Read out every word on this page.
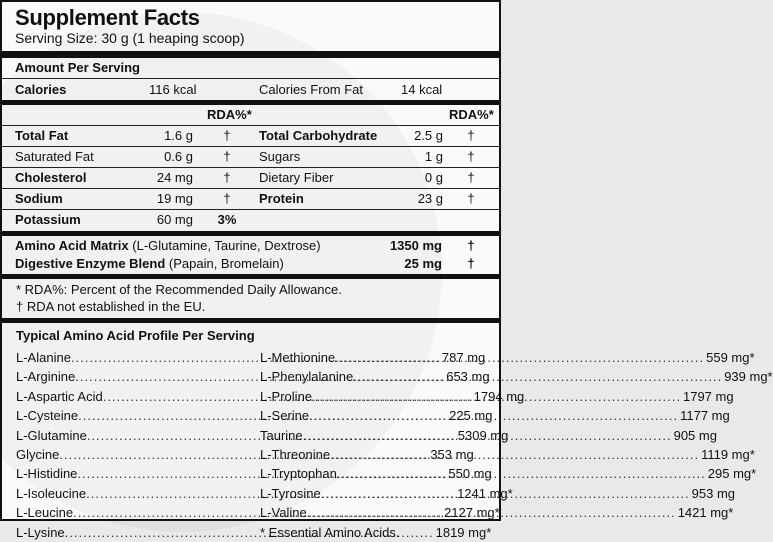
Supplement Facts
Serving Size: 30 g (1 heaping scoop)
Amount Per Serving
Calories	116 kcal	Calories From Fat	14 kcal
RDA%*	RDA%*
Total Fat	1.6 g	†	Total Carbohydrate	2.5 g †
Saturated Fat	0.6 g	†	Sugars	1 g †
Cholesterol	24 mg	†	Dietary Fiber	0 g †
Sodium	19 mg	†	Protein	23 g †
Potassium	60 mg 3%
Amino Acid Matrix (L-Glutamine, Taurine, Dextrose)	1350 mg †
Digestive Enzyme Blend (Papain, Bromelain)	25 mg †
* RDA%: Percent of the Recommended Daily Allowance.
† RDA not established in the EU.
Typical Amino Acid Profile Per Serving
L-Alanine .....	787 mg
L-Arginine .....	653 mg
L-Aspartic Acid .....	1794 mg
L-Cysteine .....	225 mg
L-Glutamine .....	5309 mg
Glycine .....	353 mg
L-Histidine .....	550 mg
L-Isoleucine .....	1241 mg*
L-Leucine .....	2127 mg*
L-Lysine .....	1819 mg*
L-Methionine .....	559 mg*
L-Phenylalanine .....	939 mg*
L-Proline .....	1797 mg
L-Serine .....	1177 mg
Taurine .....	905 mg
L-Threonine .....	1119 mg*
L-Tryptophan .....	295 mg*
L-Tyrosine .....	953 mg
L-Valine .....	1421 mg*
* Essential Amino Acids.
